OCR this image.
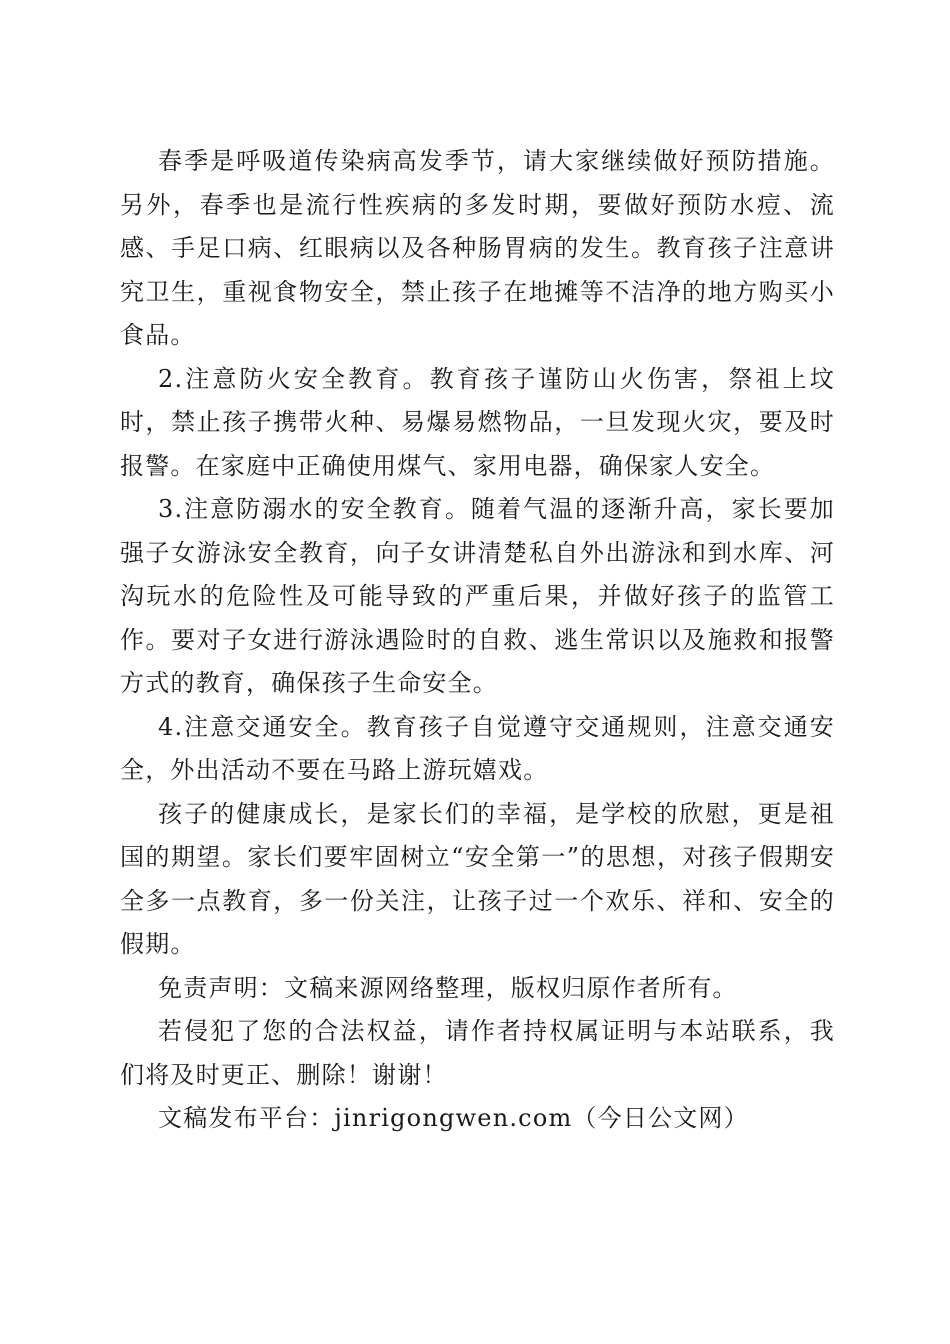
春季是呼吸道传染病高发季节，请大家继续做好预防措施。另外，春季也是流行性疾病的多发时期，要做好预防水痘、流感、手足口病、红眼病以及各种肠胃病的发生。教育孩子注意讲究卫生，重视食物安全，禁止孩子在地摊等不洁净的地方购买小食品。

2.注意防火安全教育。教育孩子谨防山火伤害，祭祖上坟时，禁止孩子携带火种、易爆易燃物品，一旦发现火灾，要及时报警。在家庭中正确使用煤气、家用电器，确保家人安全。

3.注意防溺水的安全教育。随着气温的逐渐升高，家长要加强子女游泳安全教育，向子女讲清楚私自外出游泳和到水库、河沟玩水的危险性及可能导致的严重后果，并做好孩子的监管工作。要对子女进行游泳遇险时的自救、逃生常识以及施救和报警方式的教育，确保孩子生命安全。

4.注意交通安全。教育孩子自觉遵守交通规则，注意交通安全，外出活动不要在马路上游玩嬉戏。

孩子的健康成长，是家长们的幸福，是学校的欣慰，更是祖国的期望。家长们要牢固树立“安全第一”的思想，对孩子假期安全多一点教育，多一份关注，让孩子过一个欢乐、祥和、安全的假期。

免责声明：文稿来源网络整理，版权归原作者所有。

若侵犯了您的合法权益，请作者持权属证明与本站联系，我们将及时更正、删除！谢谢！

文稿发布平台：jinrigongwen.com（今日公文网）
